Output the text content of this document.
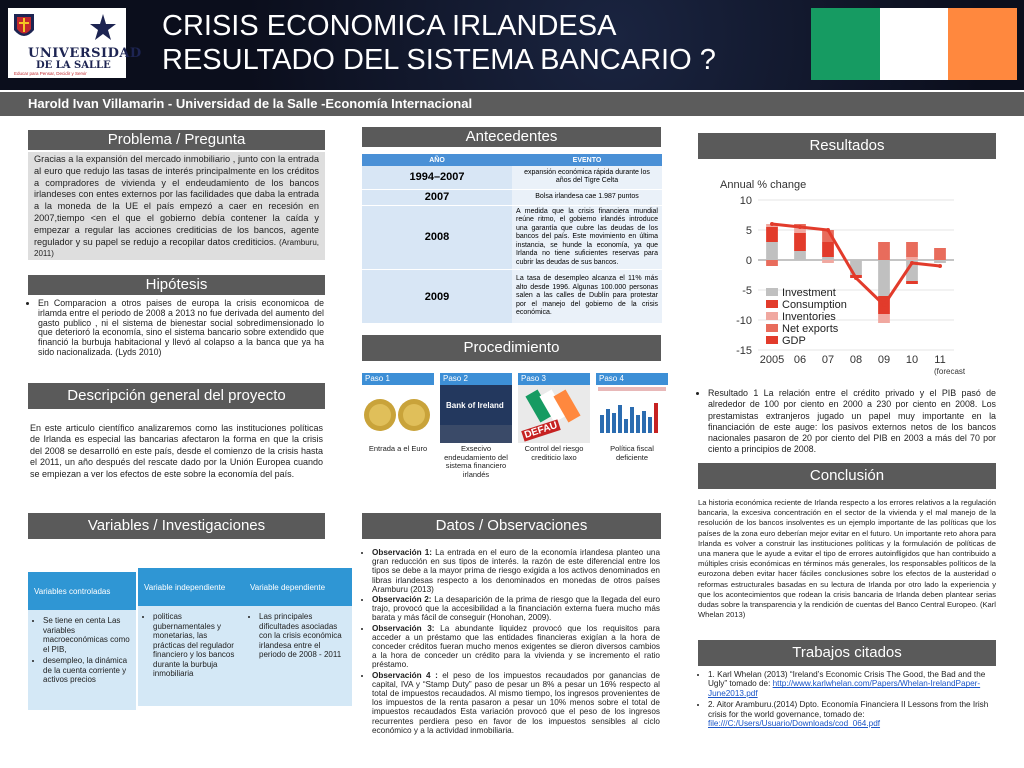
UNIVERSIDAD
DE LA SALLE
Educar para Pensar, Decidir y Servir
CRISIS ECONOMICA IRLANDESA
RESULTADO DEL SISTEMA BANCARIO ?
Harold Ivan Villamarin - Universidad de la Salle -Economía Internacional
Problema / Pregunta
Gracias a la expansión del mercado inmobiliario , junto con la entrada al euro que redujo las tasas de interés principalmente en los créditos a compradores de vivienda y el endeudamiento de los bancos irlandeses con entes externos por las facilidades que daba la entrada a la moneda de la UE el país empezó a caer en recesión en 2007,tiempo <en el que el gobierno debía contener la caída y empezar a regular las acciones crediticias de los bancos, agente regulador y su papel se redujo a recopilar datos crediticios. (Aramburu, 2011)
Hipótesis
• En Comparacion a otros paises de europa la crisis economicoa de irlamda entre el periodo de 2008 a 2013 no fue derivada del aumento del gasto publico , ni el sistema de bienestar social sobredimensionado lo que deterioró la economía, sino el sistema bancario sobre extendido que financió la burbuja habitacional y llevó al colapso a la banca que ya ha sido nacionalizada. (Lyds 2010)
Descripción general del proyecto
En este articulo científico analizaremos como las instituciones políticas de Irlanda es especial las bancarias afectaron la forma en que la crisis del 2008 se desarrolló en este país, desde el comienzo de la crisis hasta el 2011, un año después del rescate dado por la Unión Europea cuando se empiezan a ver los efectos de este sobre la economía del país.
Variables / Investigaciones
Variables controladas
• Se tiene en centa Las variables macroeconómicas como el PIB,
• desempleo, la dinámica de la cuenta corriente y activos precios
Variable independiente
• politicas gubernamentales y monetarias, las prácticas del regulador financiero y los bancos durante la burbuja inmobiliaria
Variable dependiente
• Las principales dificultades asociadas con la crisis económica irlandesa entre el periodo de 2008 - 2011
Antecedentes
AÑO	EVENTO
1994–2007	expansión económica rápida durante los años del Tigre Celta
2007	Bolsa irlandesa cae 1.987 puntos
2008	A medida que la crisis financiera mundial reúne ritmo, el gobierno irlandés introduce una garantía que cubre las deudas de los bancos del país. Este movimiento en última instancia, se hunde la economía, ya que Irlanda no tiene suficientes reservas para cubrir las deudas de sus bancos.
2009	La tasa de desempleo alcanza el 11% más alto desde 1996. Algunas 100.000 personas salen a las calles de Dublín para protestar por el manejo del gobierno de la crisis económica.
Procedimiento
Paso 1
Entrada a el Euro
Paso 2
Bank of Ireland
Exsecivo endeudamiento del sistema financiero irlandés
Paso 3
DEFAU
Control del riesgo crediticio laxo
Paso 4
Política fiscal deficiente
Datos / Observaciones
• Observación 1: La entrada en el euro de la economía irlandesa planteo una gran reducción en sus tipos de interés. la razón de este diferencial entre los tipos se debe a la mayor prima de riesgo exigida a los activos denominados en libras irlandesas respecto a los denominados en monedas de otros países Aramburu (2013)
• Observación 2: La desaparición de la prima de riesgo que la llegada del euro trajo, provocó que la accesibilidad a la financiación externa fuera mucho más barata y más fácil de conseguir (Honohan, 2009).
• Observación 3: La abundante liquidez provocó que los requisitos para acceder a un préstamo que las entidades financieras exigían a la hora de conceder créditos fueran mucho menos exigentes se dieron diversos cambios a la hora de conceder un crédito para la vivienda y se incremento el ratio préstamo.
• Observación 4 : el peso de los impuestos recaudados por ganancias de capital, IVA y “Stamp Duty” paso de pesar un 8% a pesar un 16% respecto al total de impuestos recaudados. Al mismo tiempo, los ingresos provenientes de los impuestos de la renta pasaron a pesar un 10% menos sobre el total de impuestos recaudados Esta variación provocó que el peso de los ingresos recurrentes perdiera peso en favor de los impuestos sensibles al ciclo económico y a la actividad inmobiliaria.
Resultados
Annual % change
10
5
0
-5
-10
-15
2005 06 07 08 09 10 11
(forecast
Investment
Consumption
Inventories
Net exports
GDP
• Resultado 1 La relación entre el crédito privado y el PIB pasó de alrededor de 100 por ciento en 2000 a 230 por ciento en 2008. Los prestamistas extranjeros jugado un papel muy importante en la financiación de este auge: los pasivos externos netos de los bancos nacionales pasaron de 20 por ciento del PIB en 2003 a más del 70 por ciento a principios de 2008.
Conclusión
La historia económica reciente de Irlanda respecto a los errores relativos a la regulación bancaria, la excesiva concentración en el sector de la vivienda y el mal manejo de la resolución de los bancos insolventes es un ejemplo importante de las políticas que los países de la zona euro deberían mejor evitar en el futuro. Un importante reto ahora para Irlanda es volver a construir las instituciones políticas y la formulación de políticas de una manera que le ayude a evitar el tipo de errores autoinfligidos que han contribuido a múltiples crisis económicas en términos más generales, los responsables políticos de la eurozona deben evitar hacer fáciles conclusiones sobre los efectos de la austeridad o reformas estructurales basadas en su lectura de Irlanda por otro lado la experiencia y que los acontecimientos que rodean la crisis bancaria de Irlanda deben plantear serias dudas sobre la transparencia y la rendición de cuentas del Banco Central Europeo. (Karl Whelan 2013)
Trabajos citados
• 1. Karl Whelan (2013) “Ireland’s Economic Crisis The Good, the Bad and the Ugly” tomado de: http://www.karlwhelan.com/Papers/Whelan-IrelandPaper-June2013.pdf
• 2. Aitor Aramburu.(2014) Dpto. Economía Financiera II Lessons from the Irish crisis for the world governance, tomado de: file:///C:/Users/Usuario/Downloads/cod_064.pdf
